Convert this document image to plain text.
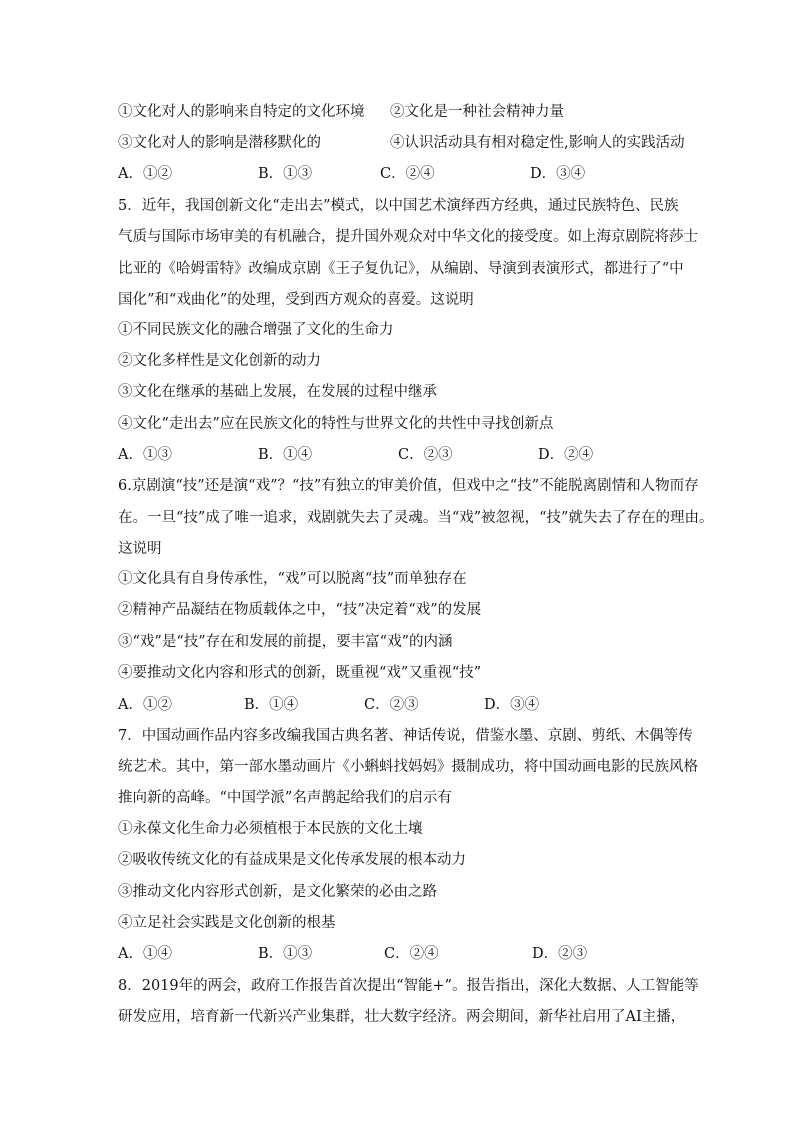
①文化对人的影响来自特定的文化环境 ②文化是一种社会精神力量
③文化对人的影响是潜移默化的	④认识活动具有相对稳定性,影响人的实践活动
A．①②	B．①③	C．②④	D．③④
5．近年，我国创新文化“走出去”模式，以中国艺术演绎西方经典，通过民族特色、民族
气质与国际市场审美的有机融合，提升国外观众对中华文化的接受度。如上海京剧院将莎士
比亚的《哈姆雷特》改编成京剧《王子复仇记》，从编剧、导演到表演形式，都进行了“中
国化”和“戏曲化”的处理，受到西方观众的喜爱。这说明
①不同民族文化的融合增强了文化的生命力
②文化多样性是文化创新的动力
③文化在继承的基础上发展，在发展的过程中继承
④文化“走出去”应在民族文化的特性与世界文化的共性中寻找创新点
A．①③	B．①④	C．②③	D．②④
6.京剧演“技”还是演“戏”？“技”有独立的审美价值，但戏中之“技”不能脱离剧情和人物而存
在。一旦“技”成了唯一追求，戏剧就失去了灵魂。当“戏”被忽视，“技”就失去了存在的理由。
这说明
①文化具有自身传承性，“戏”可以脱离“技”而单独存在
②精神产品凝结在物质载体之中，“技”决定着“戏”的发展
③“戏”是“技”存在和发展的前提，要丰富“戏”的内涵
④要推动文化内容和形式的创新，既重视“戏”又重视“技”
A．①②	B．①④	C．②③	D．③④
7．中国动画作品内容多改编我国古典名著、神话传说，借鉴水墨、京剧、剪纸、木偶等传
统艺术。其中，第一部水墨动画片《小蝌蚪找妈妈》摄制成功，将中国动画电影的民族风格
推向新的高峰。“中国学派”名声鹊起给我们的启示有
①永葆文化生命力必须植根于本民族的文化土壤
②吸收传统文化的有益成果是文化传承发展的根本动力
③推动文化内容形式创新，是文化繁荣的必由之路
④立足社会实践是文化创新的根基
A．①④	B．①③	C．②④	D．②③
8．2019年的两会，政府工作报告首次提出“智能+”。报告指出，深化大数据、人工智能等
研发应用，培育新一代新兴产业集群，壮大数字经济。两会期间，新华社启用了AI主播，
